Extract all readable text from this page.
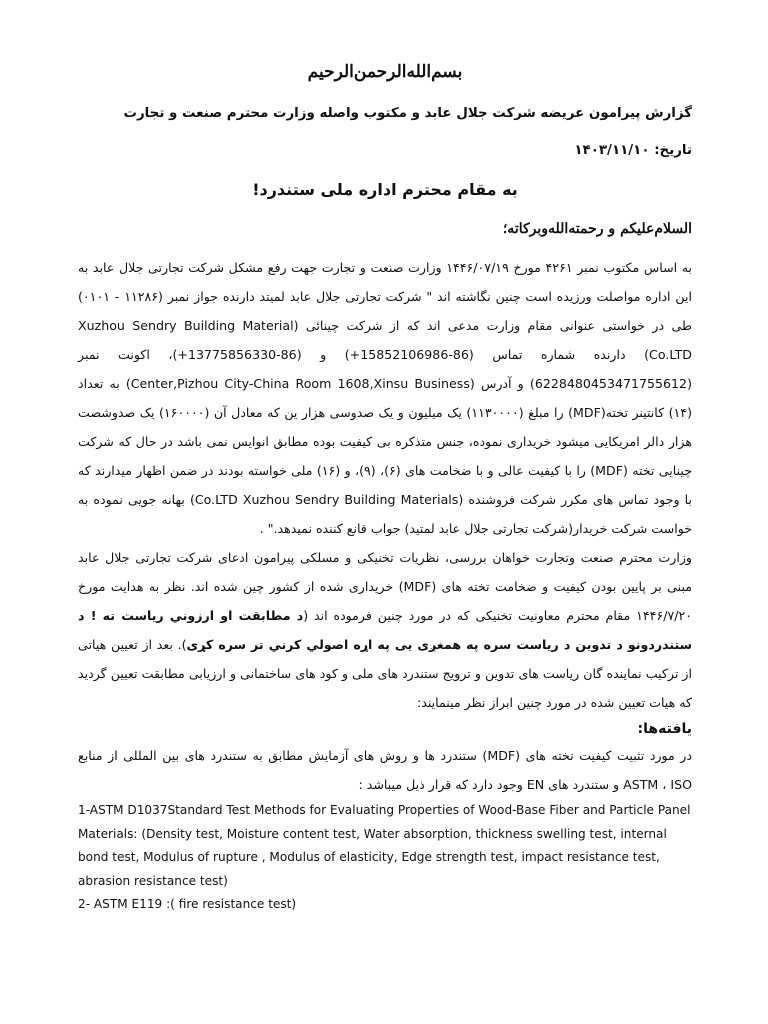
بسم‌الله‌الرحمن‌الرحیم
گزارش پیرامون عریضه شرکت جلال عابد و مکتوب واصله وزارت محترم صنعت و تجارت
تاریخ: ۱۴۰۳/۱۱/۱۰
به مقام محترم اداره ملی ستندرد!
السلام‌علیکم و رحمته‌الله‌وبرکاته؛

به اساس مکتوب نمبر ۴۲۶۱ مورخ ۱۴۴۶/۰۷/۱۹ وزارت صنعت و تجارت جهت رفع مشکل شرکت تجارتی جلال عابد به این اداره مواصلت ورزیده است چنین نگاشته اند " شرکت تجارتی جلال عابد لمیتد دارنده جواز نمبر (۱۱۲۸۶ - ۰۱۰۱) طی در خواستی عنوانی مقام وزارت مدعی اند که از شرکت چینائی (Xuzhou Sendry Building Material Co.LTD) دارنده شماره تماس (86-15852106986+) و (86-13775856330+)، اکونت نمبر (6228480453471755612) و آدرس (Center,Pizhou City-China Room 1608,Xinsu Business) به تعداد (۱۴) کانتینر تخته(MDF) را مبلغ (۱۱۳۰۰۰۰) یک میلیون و یک صدوسی هزار ین که معادل آن (۱۶۰۰۰۰) یک صدوشصت هزار دالر امریکایی میشود خریداری نموده، جنس متذکره بی کیفیت بوده مطابق انوایس نمی باشد در حال که شرکت چینایی تخته (MDF) را با کیفیت عالی و با ضخامت های (۶)، (۹)، و (۱۶) ملی خواسته بودند در ضمن اظهار میدارند که با وجود تماس های مکرر شرکت فروشنده (Co.LTD Xuzhou Sendry Building Materials) بهانه جویی نموده به خواست شرکت خریدار(شرکت تجارتی جلال عابد لمتید) جواب قانع کننده نمیدهد." .

وزارت محترم صنعت وتجارت خواهان بررسی، نظریات تخنیکی و مسلکی پیرامون ادعای شرکت تجارتی جلال عابد مبنی بر پایین بودن کیفیت و ضخامت تخته های (MDF) خریداری شده از کشور چین شده اند. نظر به هدایت مورخ ۱۴۴۶/۷/۲۰ مقام محترم معاونیت تخنیکی که در مورد چنین فرموده اند (د مطابقت او ارزوني رياست ته ! د ستندردونو د تدوين د رياست سره په همغږی يی په اړه اصولي كرني تر سره كړی). بعد از تعیین هیاتی از ترکیب نماینده گان ریاست های تدوین و ترویج ستندرد های ملی و کود های ساختمانی و ارزیابی مطابقت تعیین گردید که هیات تعیین شده در مورد چنین ابراز نظر مینمایند:

یافته‌ها:

در مورد تثبیت کیفیت تخته های (MDF) ستندرد ها و روش های آزمایش مطابق به ستندرد های بین المللی از منابع ASTM ، ISO و ستندرد های EN وجود دارد که قرار ذیل میباشد :

1-ASTM D1037Standard Test Methods for Evaluating Properties of Wood-Base Fiber and Particle Panel Materials: (Density test, Moisture content test, Water absorption, thickness swelling test, internal bond test, Modulus of rupture , Modulus of elasticity, Edge strength test, impact resistance test, abrasion resistance test)

2- ASTM E119 :( fire resistance test)
